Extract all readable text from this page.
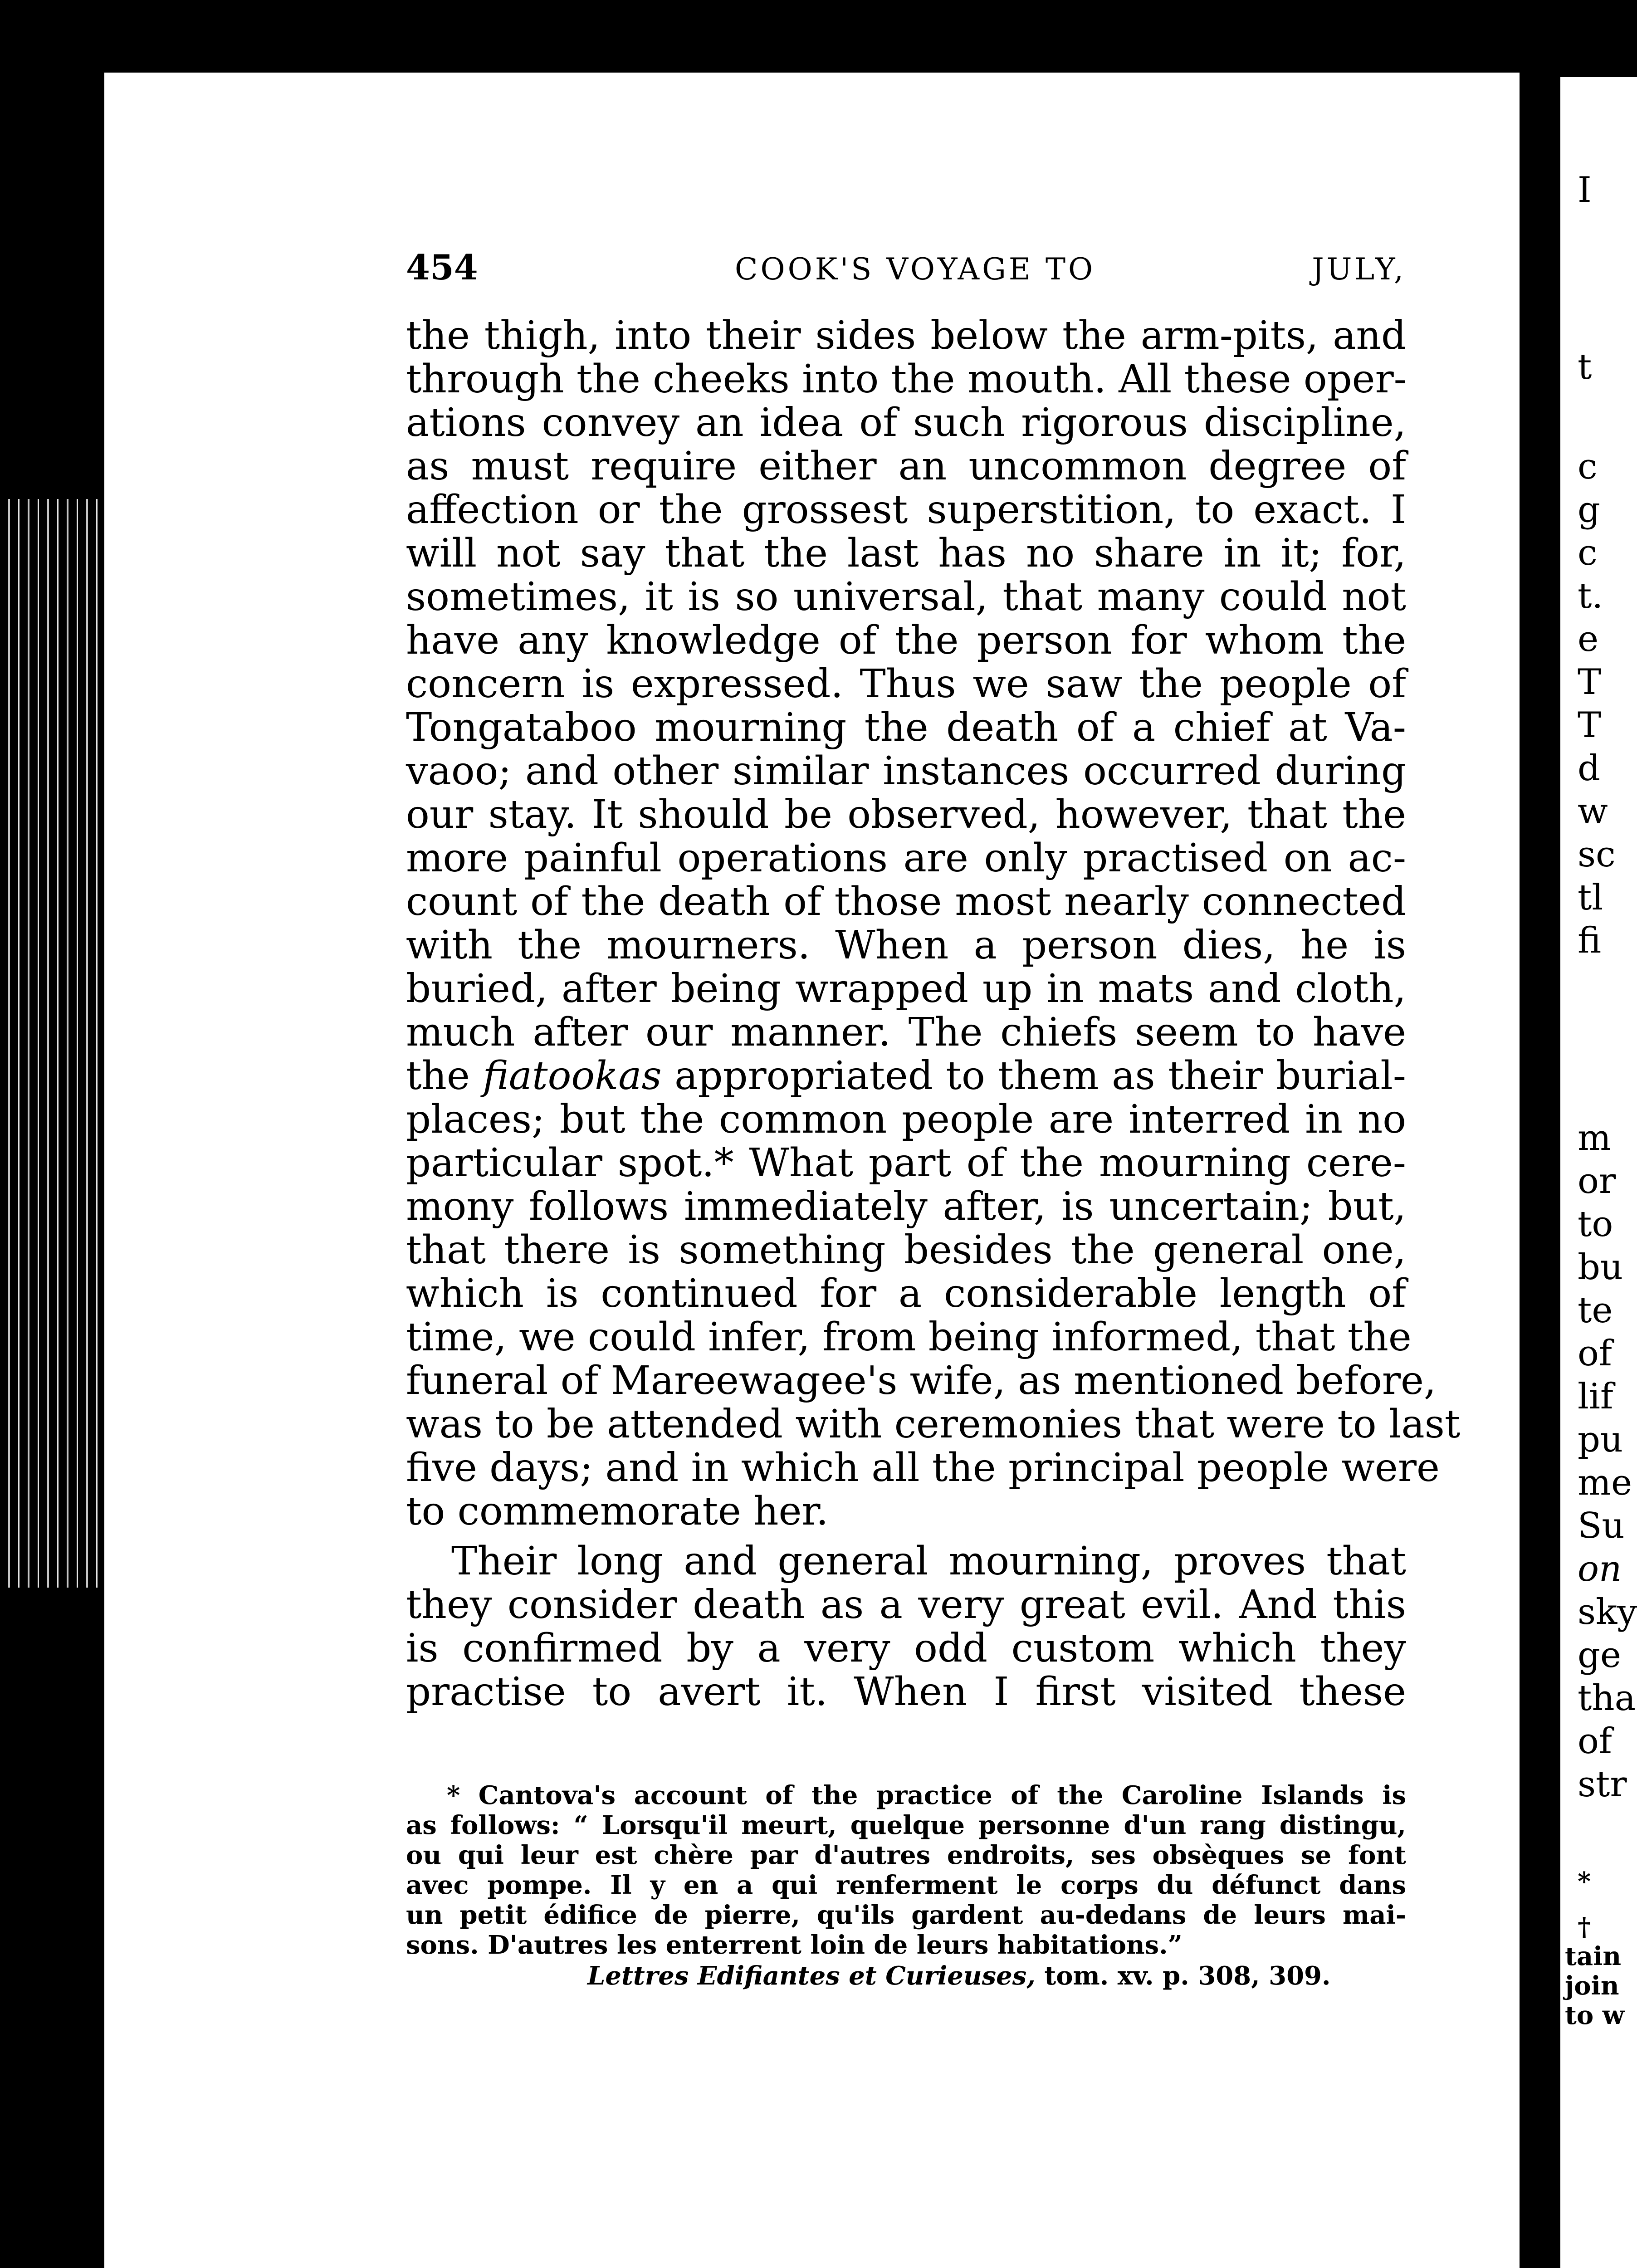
I
t
c
g
c
t.
e
T
T
d
w
sc
tl
fi
m
or
to
bu
te
of
lif
pu
me
Su
on
sky
ge
tha
of
str
*
†
tain
join
to w
454	COOK'S VOYAGE TO	JULY,
the thigh, into their sides below the arm-pits, and
through the cheeks into the mouth. All these oper-
ations convey an idea of such rigorous discipline,
as must require either an uncommon degree of
affection or the grossest superstition, to exact. I
will not say that the last has no share in it; for,
sometimes, it is so universal, that many could not
have any knowledge of the person for whom the
concern is expressed. Thus we saw the people of
Tongataboo mourning the death of a chief at Va-
vaoo; and other similar instances occurred during
our stay. It should be observed, however, that the
more painful operations are only practised on ac-
count of the death of those most nearly connected
with the mourners. When a person dies, he is
buried, after being wrapped up in mats and cloth,
much after our manner. The chiefs seem to have
the fiatookas appropriated to them as their burial-
places; but the common people are interred in no
particular spot.* What part of the mourning cere-
mony follows immediately after, is uncertain; but,
that there is something besides the general one,
which is continued for a considerable length of
time, we could infer, from being informed, that the
funeral of Mareewagee's wife, as mentioned before,
was to be attended with ceremonies that were to last
five days; and in which all the principal people were
to commemorate her.
Their long and general mourning, proves that
they consider death as a very great evil. And this
is confirmed by a very odd custom which they
practise to avert it. When I first visited these
* Cantova's account of the practice of the Caroline Islands is
as follows: “ Lorsqu'il meurt, quelque personne d'un rang distingu,
ou qui leur est chère par d'autres endroits, ses obsèques se font
avec pompe. Il y en a qui renferment le corps du défunct dans
un petit édifice de pierre, qu'ils gardent au-dedans de leurs mai-
sons. D'autres les enterrent loin de leurs habitations.”
Lettres Edifiantes et Curieuses, tom. xv. p. 308, 309.
